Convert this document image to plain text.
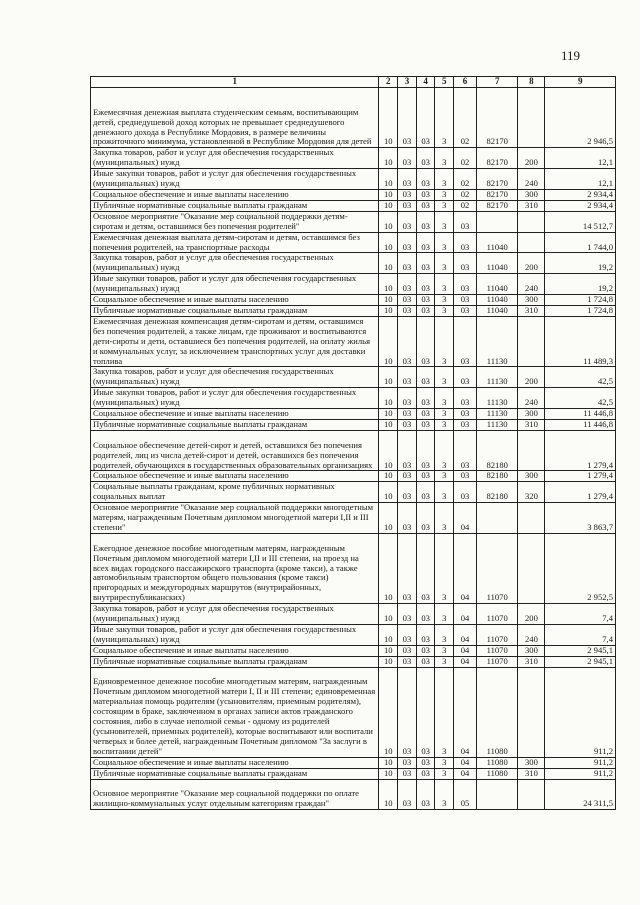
119
1	2	3	4	5	6	7	8	9
Ежемесячная денежная выплата студенческим семьям, воспитывающим детей, среднедушевой доход которых не превышает среднедушевого денежного дохода в Республике Мордовия, в размере величины прожиточного минимума, установленной в Республике Мордовия для детей	10	03	03	3	02	82170		2 946,5
Закупка товаров, работ и услуг для обеспечения государственных (муниципальных) нужд	10	03	03	3	02	82170	200	12,1
Иные закупки товаров, работ и услуг для обеспечения государственных (муниципальных) нужд	10	03	03	3	02	82170	240	12,1
Социальное обеспечение и иные выплаты населению	10	03	03	3	02	82170	300	2 934,4
Публичные нормативные социальные выплаты гражданам	10	03	03	3	02	82170	310	2 934,4
Основное мероприятие "Оказание мер социальной поддержки детям-сиротам и детям, оставшимся без попечения родителей"	10	03	03	3	03			14 512,7
Ежемесячная денежная выплата детям-сиротам и детям, оставшимся без попечения родителей, на транспортные расходы	10	03	03	3	03	11040		1 744,0
Закупка товаров, работ и услуг для обеспечения государственных (муниципальных) нужд	10	03	03	3	03	11040	200	19,2
Иные закупки товаров, работ и услуг для обеспечения государственных (муниципальных) нужд	10	03	03	3	03	11040	240	19,2
Социальное обеспечение и иные выплаты населению	10	03	03	3	03	11040	300	1 724,8
Публичные нормативные социальные выплаты гражданам	10	03	03	3	03	11040	310	1 724,8
Ежемесячная денежная компенсация детям-сиротам и детям, оставшимся без попечения родителей, а также лицам, где проживают и воспитываются дети-сироты и дети, оставшиеся без попечения родителей, на оплату жилья и коммунальных услуг, за исключением транспортных услуг для доставки топлива	10	03	03	3	03	11130		11 489,3
Закупка товаров, работ и услуг для обеспечения государственных (муниципальных) нужд	10	03	03	3	03	11130	200	42,5
Иные закупки товаров, работ и услуг для обеспечения государственных (муниципальных) нужд	10	03	03	3	03	11130	240	42,5
Социальное обеспечение и иные выплаты населению	10	03	03	3	03	11130	300	11 446,8
Публичные нормативные социальные выплаты гражданам	10	03	03	3	03	11130	310	11 446,8
Социальное обеспечение детей-сирот и детей, оставшихся без попечения родителей, лиц из числа детей-сирот и детей, оставшихся без попечения родителей, обучающихся в государственных образовательных организациях	10	03	03	3	03	82180		1 279,4
Социальное обеспечение и иные выплаты населению	10	03	03	3	03	82180	300	1 279,4
Социальные выплаты гражданам, кроме публичных нормативных социальных выплат	10	03	03	3	03	82180	320	1 279,4
Основное мероприятие "Оказание мер социальной поддержки многодетным матерям, награжденным Почетным дипломом многодетной матери I,II и III степени"	10	03	03	3	04			3 863,7
Ежегодное денежное пособие многодетным матерям, награжденным Почетным дипломом многодетной матери I,II и III степени, на проезд на всех видах городского пассажирского транспорта (кроме такси), а также автомобильным транспортом общего пользования (кроме такси) пригородных и междугородных маршрутов (внутрирайонных, внутриреспубликанских)	10	03	03	3	04	11070		2 952,5
Закупка товаров, работ и услуг для обеспечения государственных (муниципальных) нужд	10	03	03	3	04	11070	200	7,4
Иные закупки товаров, работ и услуг для обеспечения государственных (муниципальных) нужд	10	03	03	3	04	11070	240	7,4
Социальное обеспечение и иные выплаты населению	10	03	03	3	04	11070	300	2 945,1
Публичные нормативные социальные выплаты гражданам	10	03	03	3	04	11070	310	2 945,1
Единовременное денежное пособие многодетным матерям, награжденным Почетным дипломом многодетной матери I, II и III степени; единовременная материальная помощь родителям (усыновителям, приемным родителям), состоящим в браке, заключенном в органах записи актов гражданского состояния, либо в случае неполной семьи - одному из родителей (усыновителей, приемных родителей), которые воспитывают или воспитали четверых и более детей, награжденным Почетным дипломом "За заслуги в воспитании детей"	10	03	03	3	04	11080		911,2
Социальное обеспечение и иные выплаты населению	10	03	03	3	04	11080	300	911,2
Публичные нормативные социальные выплаты гражданам	10	03	03	3	04	11080	310	911,2
Основное мероприятие "Оказание мер социальной поддержки по оплате жилищно-коммунальных услуг отдельным категориям граждан"	10	03	03	3	05			24 311,5
